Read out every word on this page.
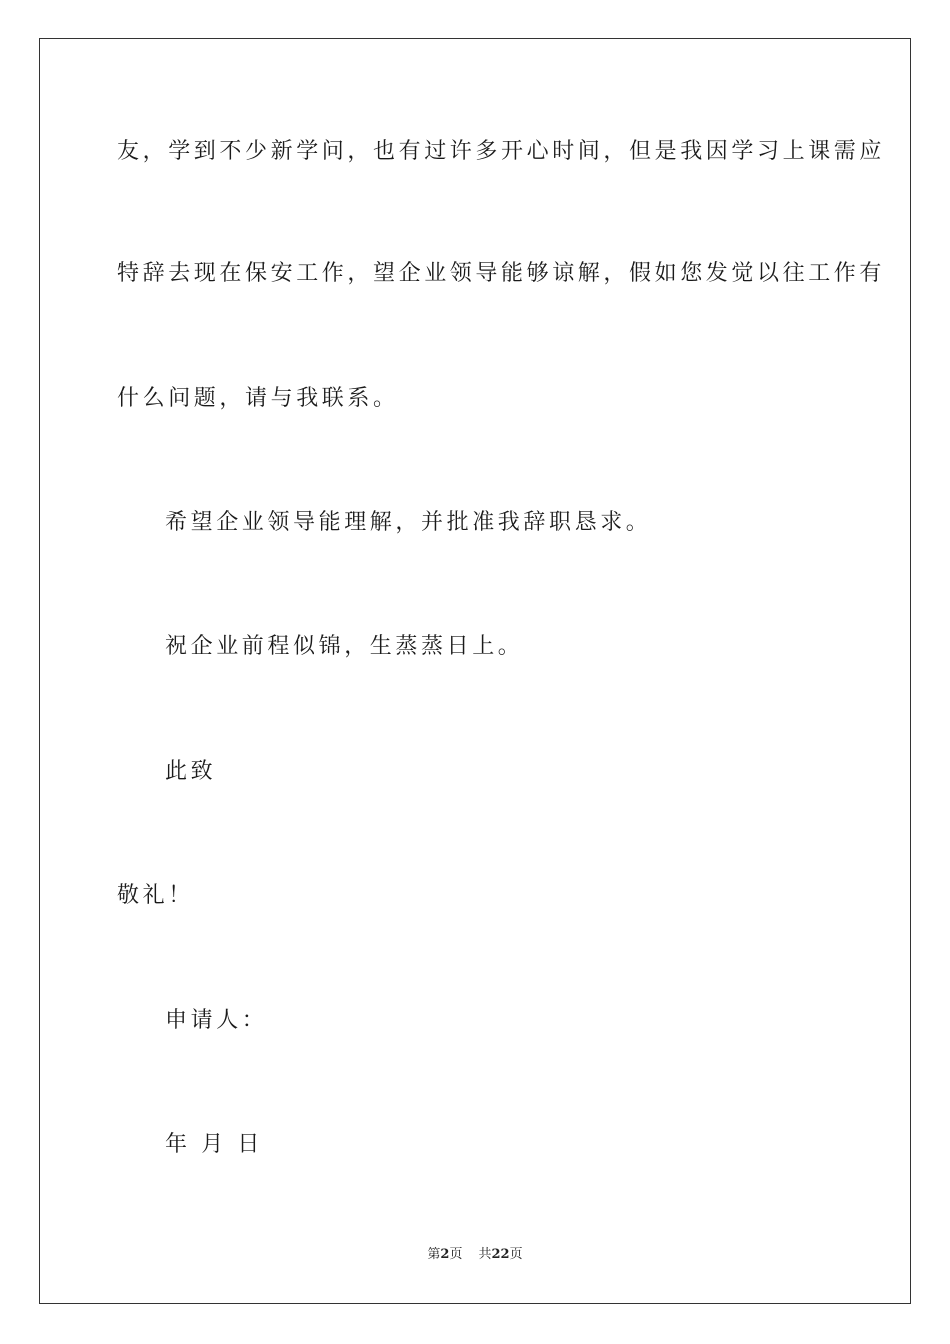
友，学到不少新学问，也有过许多开心时间，但是我因学习上课需应
特辞去现在保安工作，望企业领导能够谅解，假如您发觉以往工作有
什么问题，请与我联系。
希望企业领导能理解，并批准我辞职恳求。
祝企业前程似锦，生蒸蒸日上。
此致
敬礼！
申请人：
年 月 日
第2页 共22页
